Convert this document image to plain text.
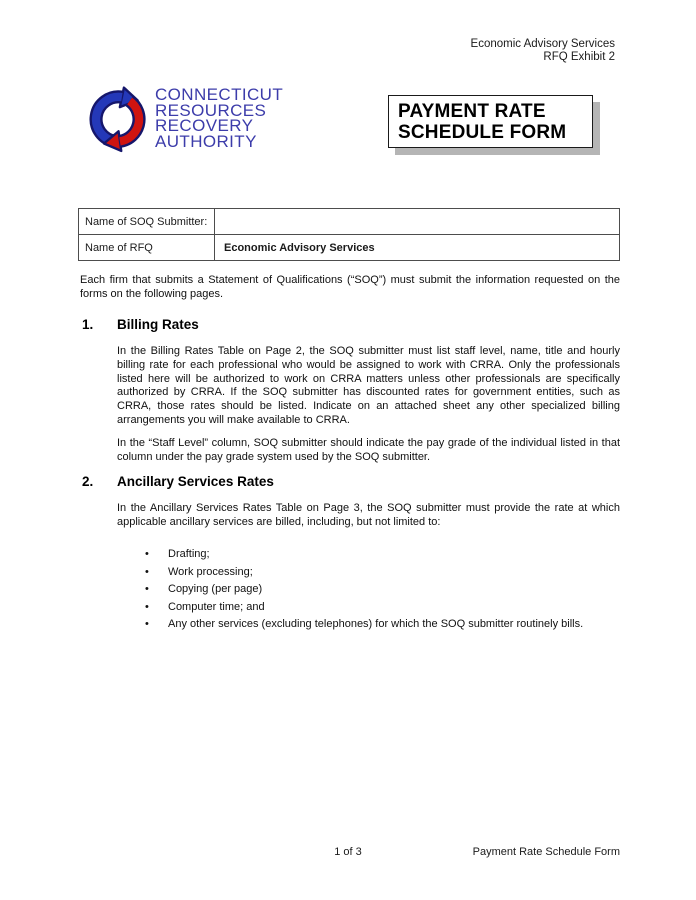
Economic Advisory Services
RFQ Exhibit 2
CONNECTICUT
RESOURCES
RECOVERY
AUTHORITY
PAYMENT RATE
SCHEDULE FORM
Name of SOQ Submitter:	
Name of RFQ	Economic Advisory Services
Each firm that submits a Statement of Qualifications (“SOQ”) must submit the information requested on the forms on the following pages.
1. Billing Rates
In the Billing Rates Table on Page 2, the SOQ submitter must list staff level, name, title and hourly billing rate for each professional who would be assigned to work with CRRA. Only the professionals listed here will be authorized to work on CRRA matters unless other professionals are specifically authorized by CRRA. If the SOQ submitter has discounted rates for government entities, such as CRRA, those rates should be listed. Indicate on an attached sheet any other specialized billing arrangements you will make available to CRRA.
In the “Staff Level” column, SOQ submitter should indicate the pay grade of the individual listed in that column under the pay grade system used by the SOQ submitter.
2. Ancillary Services Rates
In the Ancillary Services Rates Table on Page 3, the SOQ submitter must provide the rate at which applicable ancillary services are billed, including, but not limited to:
•	Drafting;
•	Work processing;
•	Copying (per page)
•	Computer time; and
•	Any other services (excluding telephones) for which the SOQ submitter routinely bills.
1 of 3	Payment Rate Schedule Form
